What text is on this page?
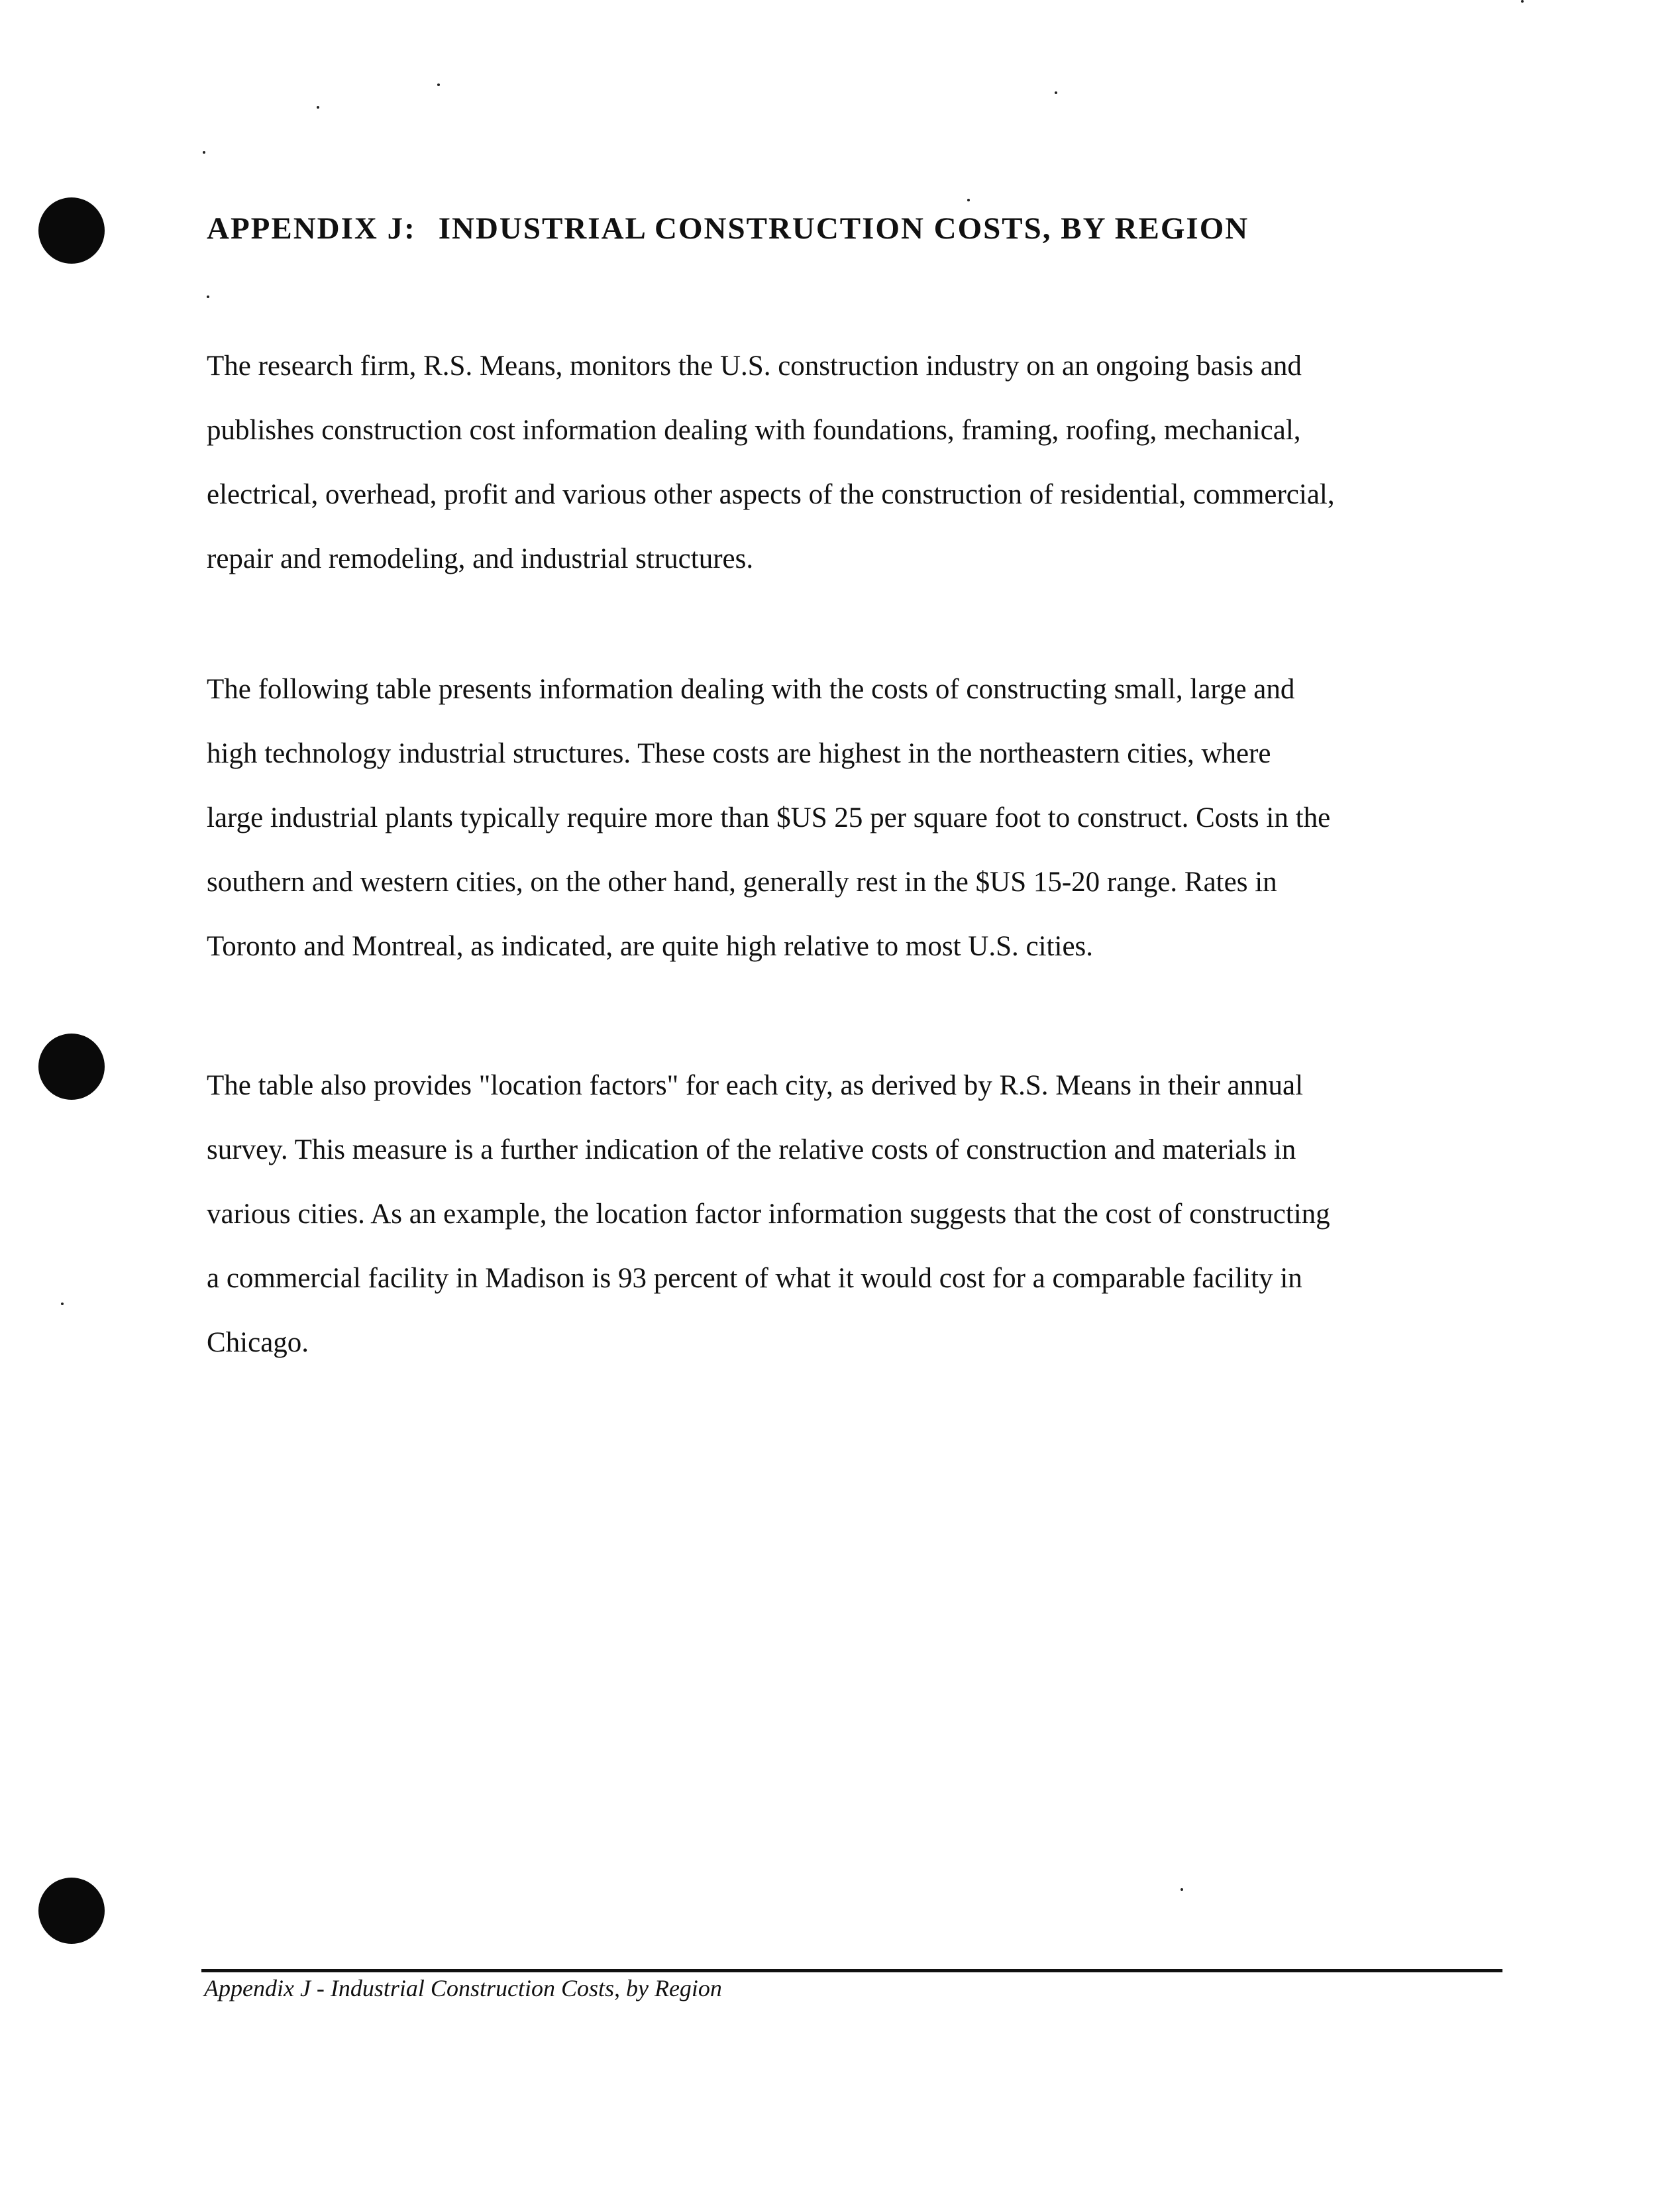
APPENDIX J: INDUSTRIAL CONSTRUCTION COSTS, BY REGION

The research firm, R.S. Means, monitors the U.S. construction industry on an ongoing basis and
publishes construction cost information dealing with foundations, framing, roofing, mechanical,
electrical, overhead, profit and various other aspects of the construction of residential, commercial,
repair and remodeling, and industrial structures.

The following table presents information dealing with the costs of constructing small, large and
high technology industrial structures. These costs are highest in the northeastern cities, where
large industrial plants typically require more than $US 25 per square foot to construct. Costs in the
southern and western cities, on the other hand, generally rest in the $US 15-20 range. Rates in
Toronto and Montreal, as indicated, are quite high relative to most U.S. cities.

The table also provides "location factors" for each city, as derived by R.S. Means in their annual
survey. This measure is a further indication of the relative costs of construction and materials in
various cities. As an example, the location factor information suggests that the cost of constructing
a commercial facility in Madison is 93 percent of what it would cost for a comparable facility in
Chicago.

Appendix J - Industrial Construction Costs, by Region
